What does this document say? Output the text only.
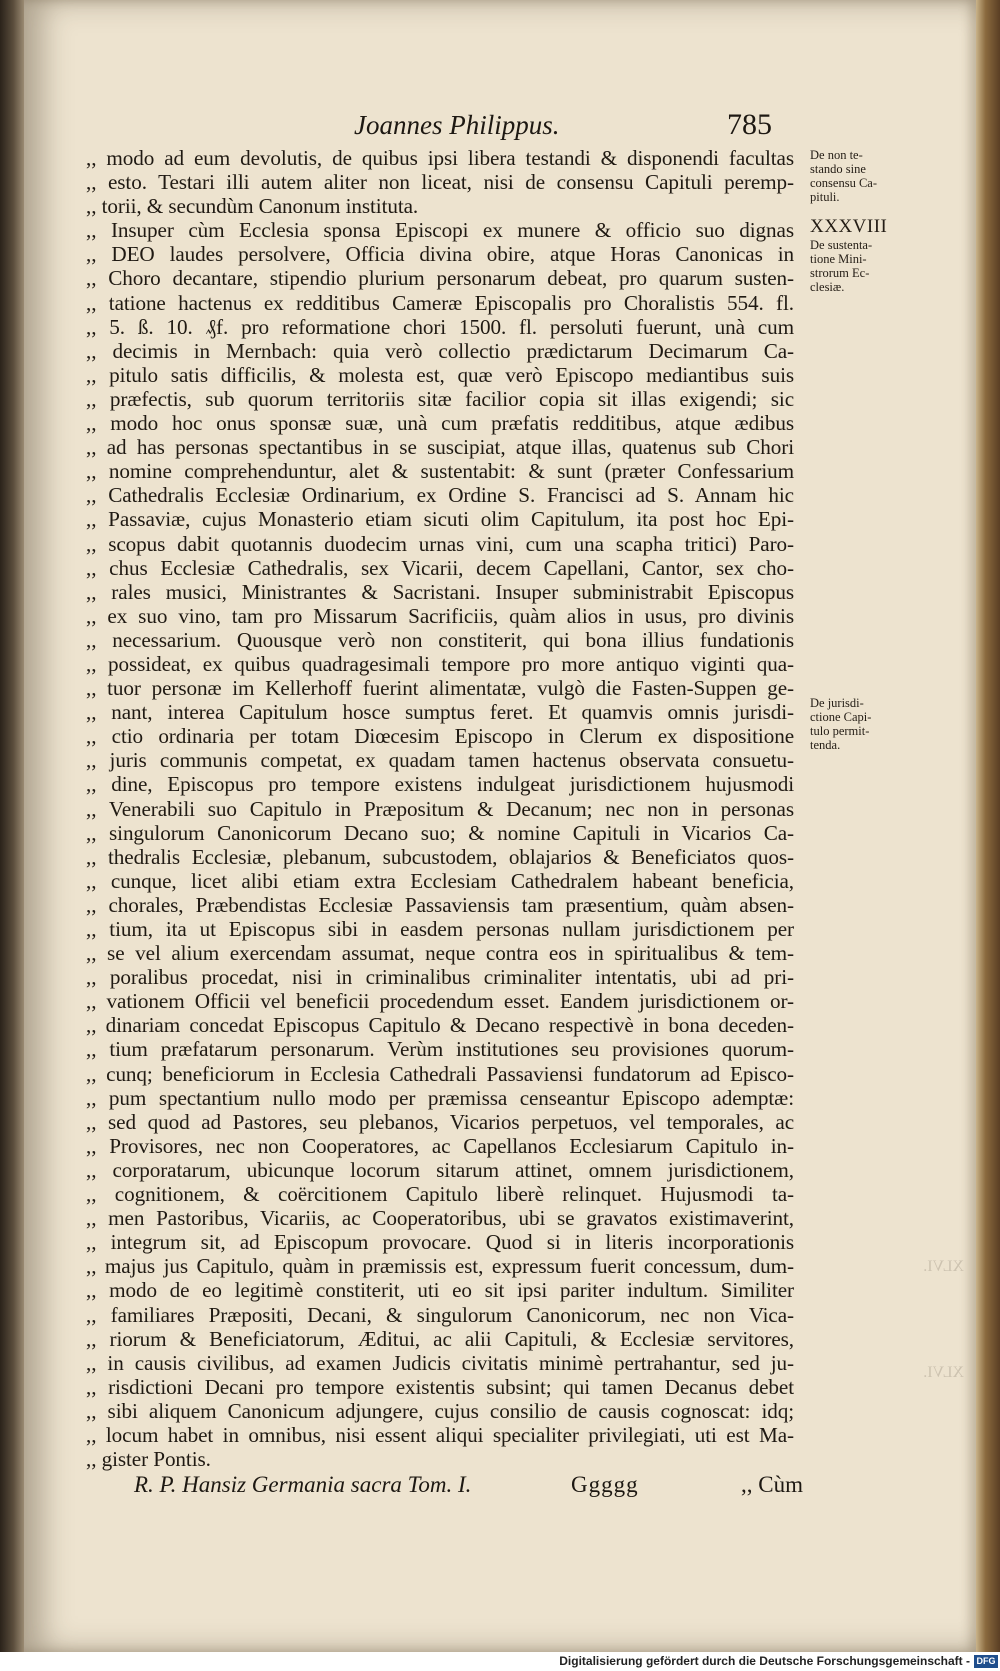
Joannes Philippus.	785
,, modo ad eum devolutis, de quibus ipsi libera testandi & disponendi facultas
,, esto. Testari illi autem aliter non liceat, nisi de consensu Capituli peremp-
,, torii, & secundùm Canonum instituta.
,, Insuper cùm Ecclesia sponsa Episcopi ex munere & officio suo dignas
,, DEO laudes persolvere, Officia divina obire, atque Horas Canonicas in
,, Choro decantare, stipendio plurium personarum debeat, pro quarum susten-
,, tatione hactenus ex redditibus Cameræ Episcopalis pro Choralistis 554. fl.
,, 5. ß. 10. ₰f. pro reformatione chori 1500. fl. persoluti fuerunt, unà cum
,, decimis in Mernbach: quia verò collectio prædictarum Decimarum Ca-
,, pitulo satis difficilis, & molesta est, quæ verò Episcopo mediantibus suis
,, præfectis, sub quorum territoriis sitæ facilior copia sit illas exigendi; sic
,, modo hoc onus sponsæ suæ, unà cum præfatis redditibus, atque ædibus
,, ad has personas spectantibus in se suscipiat, atque illas, quatenus sub Chori
,, nomine comprehenduntur, alet & sustentabit: & sunt (præter Confessarium
,, Cathedralis Ecclesiæ Ordinarium, ex Ordine S. Francisci ad S. Annam hic
,, Passaviæ, cujus Monasterio etiam sicuti olim Capitulum, ita post hoc Epi-
,, scopus dabit quotannis duodecim urnas vini, cum una scapha tritici) Paro-
,, chus Ecclesiæ Cathedralis, sex Vicarii, decem Capellani, Cantor, sex cho-
,, rales musici, Ministrantes & Sacristani. Insuper subministrabit Episcopus
,, ex suo vino, tam pro Missarum Sacrificiis, quàm alios in usus, pro divinis
,, necessarium. Quousque verò non constiterit, qui bona illius fundationis
,, possideat, ex quibus quadragesimali tempore pro more antiquo viginti qua-
,, tuor personæ im Kellerhoff fuerint alimentatæ, vulgò die Fasten-Suppen ge-
,, nant, interea Capitulum hosce sumptus feret. Et quamvis omnis jurisdi-
,, ctio ordinaria per totam Diœcesim Episcopo in Clerum ex dispositione
,, juris communis competat, ex quadam tamen hactenus observata consuetu-
,, dine, Episcopus pro tempore existens indulgeat jurisdictionem hujusmodi
,, Venerabili suo Capitulo in Præpositum & Decanum; nec non in personas
,, singulorum Canonicorum Decano suo; & nomine Capituli in Vicarios Ca-
,, thedralis Ecclesiæ, plebanum, subcustodem, oblajarios & Beneficiatos quos-
,, cunque, licet alibi etiam extra Ecclesiam Cathedralem habeant beneficia,
,, chorales, Præbendistas Ecclesiæ Passaviensis tam præsentium, quàm absen-
,, tium, ita ut Episcopus sibi in easdem personas nullam jurisdictionem per
,, se vel alium exercendam assumat, neque contra eos in spiritualibus & tem-
,, poralibus procedat, nisi in criminalibus criminaliter intentatis, ubi ad pri-
,, vationem Officii vel beneficii procedendum esset. Eandem jurisdictionem or-
,, dinariam concedat Episcopus Capitulo & Decano respectivè in bona deceden-
,, tium præfatarum personarum. Verùm institutiones seu provisiones quorum-
,, cunq; beneficiorum in Ecclesia Cathedrali Passaviensi fundatorum ad Episco-
,, pum spectantium nullo modo per præmissa censeantur Episcopo ademptæ:
,, sed quod ad Pastores, seu plebanos, Vicarios perpetuos, vel temporales, ac
,, Provisores, nec non Cooperatores, ac Capellanos Ecclesiarum Capitulo in-
,, corporatarum, ubicunque locorum sitarum attinet, omnem jurisdictionem,
,, cognitionem, & coërcitionem Capitulo liberè relinquet. Hujusmodi ta-
,, men Pastoribus, Vicariis, ac Cooperatoribus, ubi se gravatos existimaverint,
,, integrum sit, ad Episcopum provocare. Quod si in literis incorporationis
,, majus jus Capitulo, quàm in præmissis est, expressum fuerit concessum, dum-
,, modo de eo legitimè constiterit, uti eo sit ipsi pariter indultum. Similiter
,, familiares Præpositi, Decani, & singulorum Canonicorum, nec non Vica-
,, riorum & Beneficiatorum, Æditui, ac alii Capituli, & Ecclesiæ servitores,
,, in causis civilibus, ad examen Judicis civitatis minimè pertrahantur, sed ju-
,, risdictioni Decani pro tempore existentis subsint; qui tamen Decanus debet
,, sibi aliquem Canonicum adjungere, cujus consilio de causis cognoscat: idq;
,, locum habet in omnibus, nisi essent aliqui specialiter privilegiati, uti est Ma-
,, gister Pontis.
De non te-
stando sine
consensu Ca-
pituli.
XXXVIII
De sustenta-
tione Mini-
strorum Ec-
clesiæ.
De jurisdi-
ctione Capi-
tulo permit-
tenda.
XLVI.
XLVI.
R. P. Hansiz Germania sacra Tom. I.	Ggggg	,, Cùm
Digitalisierung gefördert durch die Deutsche Forschungsgemeinschaft - DFG
